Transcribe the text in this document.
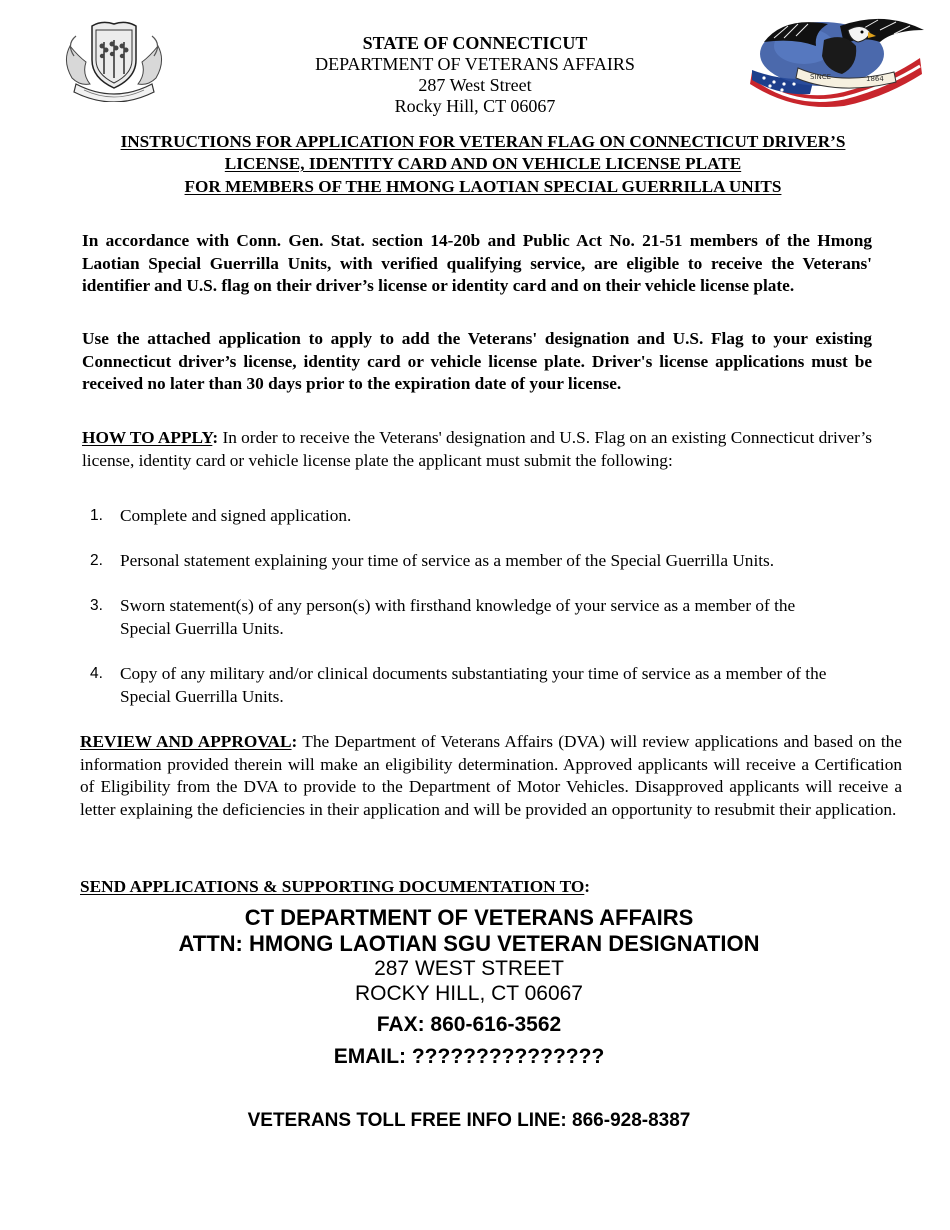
SINCE	1864
STATE OF CONNECTICUT
DEPARTMENT OF VETERANS AFFAIRS
287 West Street
Rocky Hill, CT 06067
INSTRUCTIONS FOR APPLICATION FOR VETERAN FLAG ON CONNECTICUT DRIVER’S
LICENSE, IDENTITY CARD AND ON VEHICLE LICENSE PLATE
FOR MEMBERS OF THE HMONG LAOTIAN SPECIAL GUERRILLA UNITS
In accordance with Conn. Gen. Stat. section 14-20b and Public Act No. 21-51 members of the Hmong Laotian Special Guerrilla Units, with verified qualifying service, are eligible to receive the Veterans' identifier and U.S. flag on their driver’s license or identity card and on their vehicle license plate.
Use the attached application to apply to add the Veterans' designation and U.S. Flag to your existing Connecticut driver’s license, identity card or vehicle license plate. Driver's license applications must be received no later than 30 days prior to the expiration date of your license.
HOW TO APPLY: In order to receive the Veterans' designation and U.S. Flag on an existing Connecticut driver’s license, identity card or vehicle license plate the applicant must submit the following:
1. Complete and signed application.
2. Personal statement explaining your time of service as a member of the Special Guerrilla Units.
3. Sworn statement(s) of any person(s) with firsthand knowledge of your service as a member of the Special Guerrilla Units.
4. Copy of any military and/or clinical documents substantiating your time of service as a member of the Special Guerrilla Units.
REVIEW AND APPROVAL: The Department of Veterans Affairs (DVA) will review applications and based on the information provided therein will make an eligibility determination. Approved applicants will receive a Certification of Eligibility from the DVA to provide to the Department of Motor Vehicles. Disapproved applicants will receive a letter explaining the deficiencies in their application and will be provided an opportunity to resubmit their application.
SEND APPLICATIONS & SUPPORTING DOCUMENTATION TO:
CT DEPARTMENT OF VETERANS AFFAIRS
ATTN: HMONG LAOTIAN SGU VETERAN DESIGNATION
287 WEST STREET
ROCKY HILL, CT 06067
FAX: 860-616-3562
EMAIL: ???????????????
VETERANS TOLL FREE INFO LINE: 866-928-8387
